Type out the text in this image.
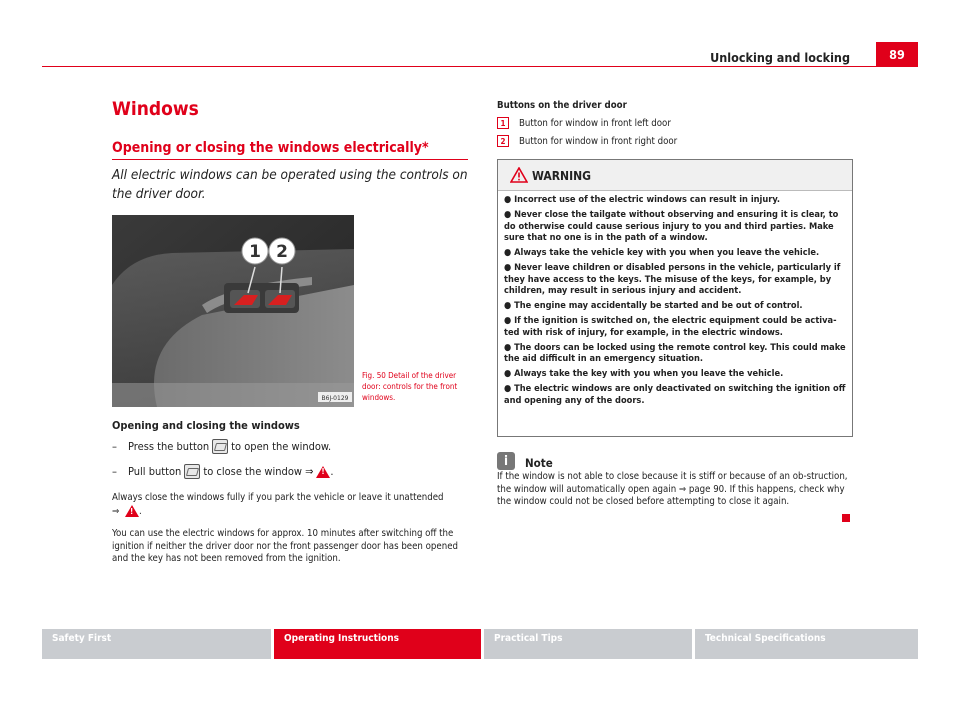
Unlocking and locking	89
Windows
Opening or closing the windows electrically*
All electric windows can be operated using the controls on the driver door.
1 2
B6J-0129
Fig. 50 Detail of the driver door: controls for the front windows.
Opening and closing the windows
–	Press the button to open the window.
–	Pull button to close the window ⇒ ! .
Always close the windows fully if you park the vehicle or leave it unattended
⇒ ! .
You can use the electric windows for approx. 10 minutes after switching off the ignition if neither the driver door nor the front passenger door has been opened and the key has not been removed from the ignition.
Buttons on the driver door
1	Button for window in front left door
2	Button for window in front right door
WARNING
● Incorrect use of the electric windows can result in injury.
● Never close the tailgate without observing and ensuring it is clear, to do otherwise could cause serious injury to you and third parties. Make sure that no one is in the path of a window.
● Always take the vehicle key with you when you leave the vehicle.
● Never leave children or disabled persons in the vehicle, particularly if they have access to the keys. The misuse of the keys, for example, by children, may result in serious injury and accident.
● The engine may accidentally be started and be out of control.
● If the ignition is switched on, the electric equipment could be activa-ted with risk of injury, for example, in the electric windows.
● The doors can be locked using the remote control key. This could make the aid difficult in an emergency situation.
● Always take the key with you when you leave the vehicle.
● The electric windows are only deactivated on switching the ignition off and opening any of the doors.
i	Note
If the window is not able to close because it is stiff or because of an ob-struction, the window will automatically open again ⇒ page 90. If this happens, check why the window could not be closed before attempting to close it again.
Safety First	Operating Instructions	Practical Tips	Technical Specifications
